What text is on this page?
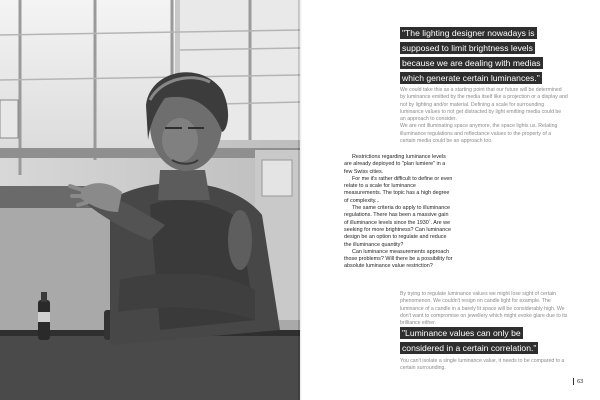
"The lighting designer nowadays is supposed to limit brightness levels because we are dealing with medias which generate certain luminances."

We could take this as a starting point that our future will be determined by luminance emitted by the media itself like a projection or a display and not by lighting and/or material. Defining a scale for surrounding luminance values to not get distracted by light emitting media could be an approach to consider.
We are not illuminating space anymore, the space lights us. Relating illuminance regulations and reflectance values to the property of a certain media could be an approach too.

Restrictions regarding luminance levels are already deployed to "plan lumiere" in a few Swiss cities.

For me it's rather difficult to define or even relate to a scale for luminance measurements. The topic has a high degree of complexity...

The same criteria do apply to illuminance regulations. There has been a massive gain of illuminance levels since the 1930´. Are we seeking for more brightness? Can luminance design be an option to regulate and reduce the illuminance quantity?

Can luminance measurements approach those problems? Will there be a possibility for absolute luminance value restriction?

By trying to regulate luminance values we might lose sight of certain phenomenon. We couldn't resign on candle light for example. The luminance of a candle in a barely lit space will be considerably high. We don't want to compromise on jewellery which might evoke glare due to its brilliance either.

"Luminance values can only be considered in a certain correlation."

You can't isolate a single luminance value, it needs to be compared to a certain surrounding.

63
